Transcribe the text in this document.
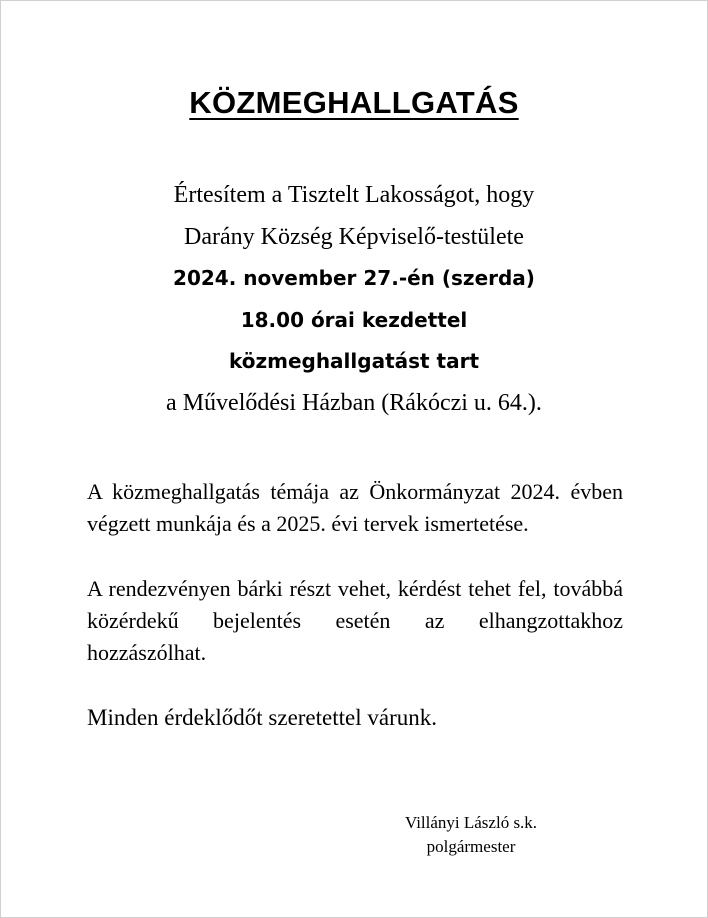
KÖZMEGHALLGATÁS
Értesítem a Tisztelt Lakosságot, hogy
Darány Község Képviselő-testülete
2024. november 27.-én (szerda)
18.00 órai kezdettel
közmeghallgatást tart
a Művelődési Házban (Rákóczi u. 64.).

A közmeghallgatás témája az Önkormányzat 2024. évben végzett munkája és a 2025. évi tervek ismertetése.

A rendezvényen bárki részt vehet, kérdést tehet fel, továbbá közérdekű bejelentés esetén az elhangzottakhoz hozzászólhat.

Minden érdeklődőt szeretettel várunk.
Villányi László s.k.
polgármester
